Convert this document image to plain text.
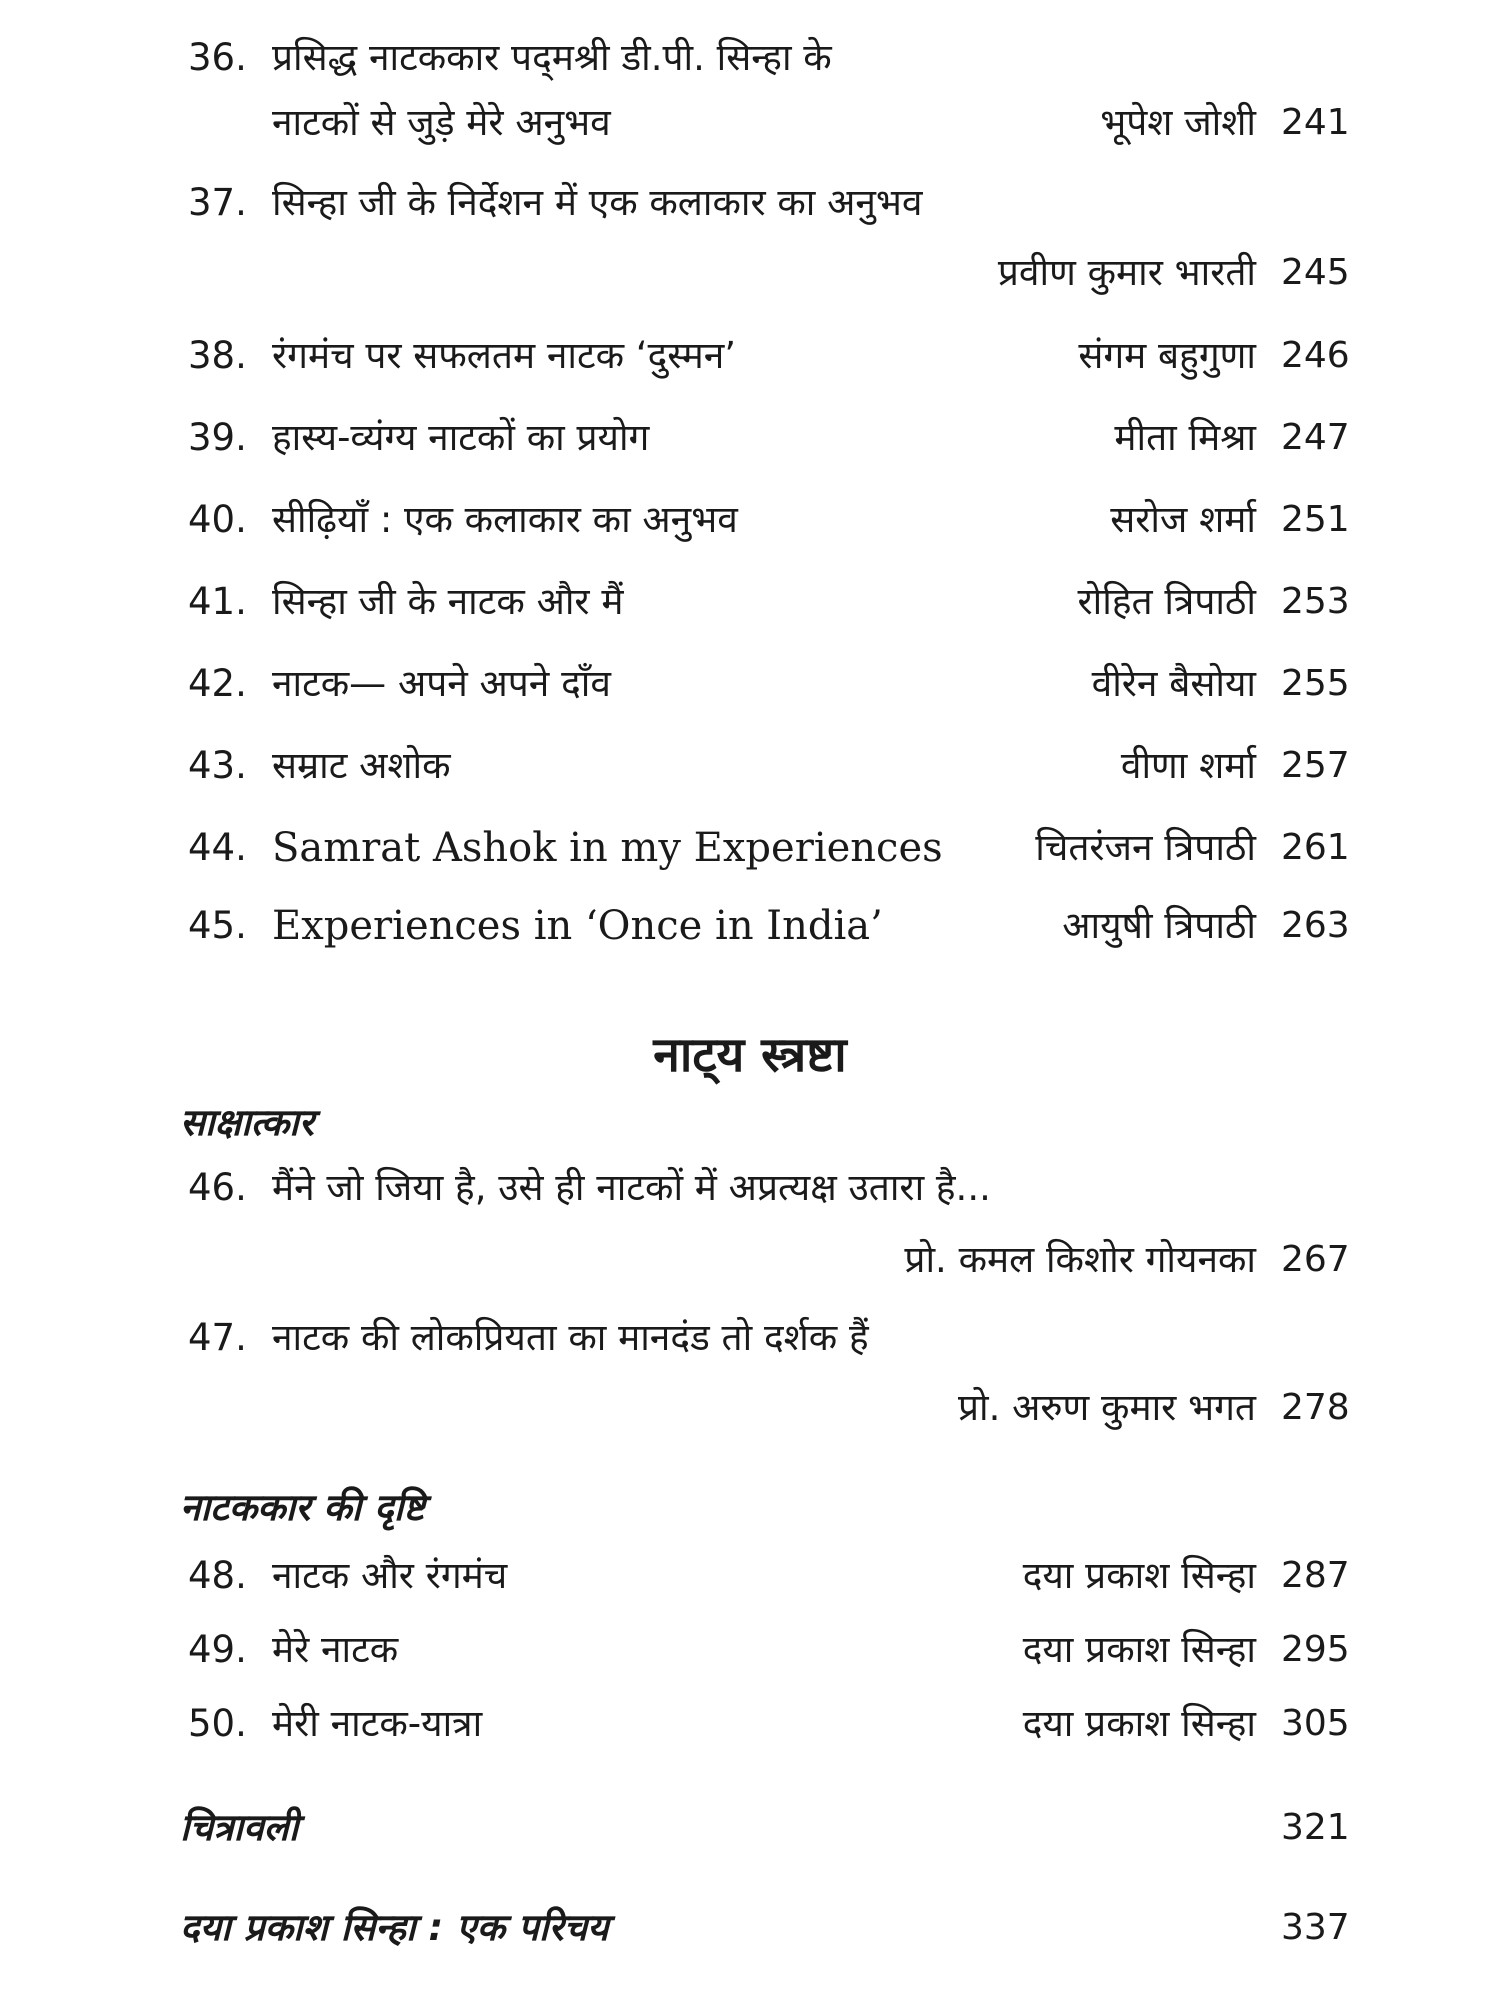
36. प्रसिद्ध नाटककार पद्‌मश्री डी.पी. सिन्हा के
नाटकों से जुड़े मेरे अनुभव	भूपेश जोशी 241
37. सिन्हा जी के निर्देशन में एक कलाकार का अनुभव
प्रवीण कुमार भारती 245
38. रंगमंच पर सफलतम नाटक ‘दुस्मन’	संगम बहुगुणा 246
39. हास्य-व्यंग्य नाटकों का प्रयोग	मीता मिश्रा 247
40. सीढ़ियाँ : एक कलाकार का अनुभव	सरोज शर्मा 251
41. सिन्हा जी के नाटक और मैं	रोहित त्रिपाठी 253
42. नाटक— अपने अपने दाँव	वीरेन बैसोया 255
43. सम्राट अशोक	वीणा शर्मा 257
44. Samrat Ashok in my Experiences	चितरंजन त्रिपाठी 261
45. Experiences in ‘Once in India’	आयुषी त्रिपाठी 263
नाट्‌य स्त्रष्टा
साक्षात्कार
46. मैंने जो जिया है, उसे ही नाटकों में अप्रत्यक्ष उतारा है...
प्रो. कमल किशोर गोयनका 267
47. नाटक की लोकप्रियता का मानदंड तो दर्शक हैं
प्रो. अरुण कुमार भगत 278
नाटककार की दृष्टि
48. नाटक और रंगमंच	दया प्रकाश सिन्हा 287
49. मेरे नाटक	दया प्रकाश सिन्हा 295
50. मेरी नाटक-यात्रा	दया प्रकाश सिन्हा 305
चित्रावली	321
दया प्रकाश सिन्हा : एक परिचय	337
